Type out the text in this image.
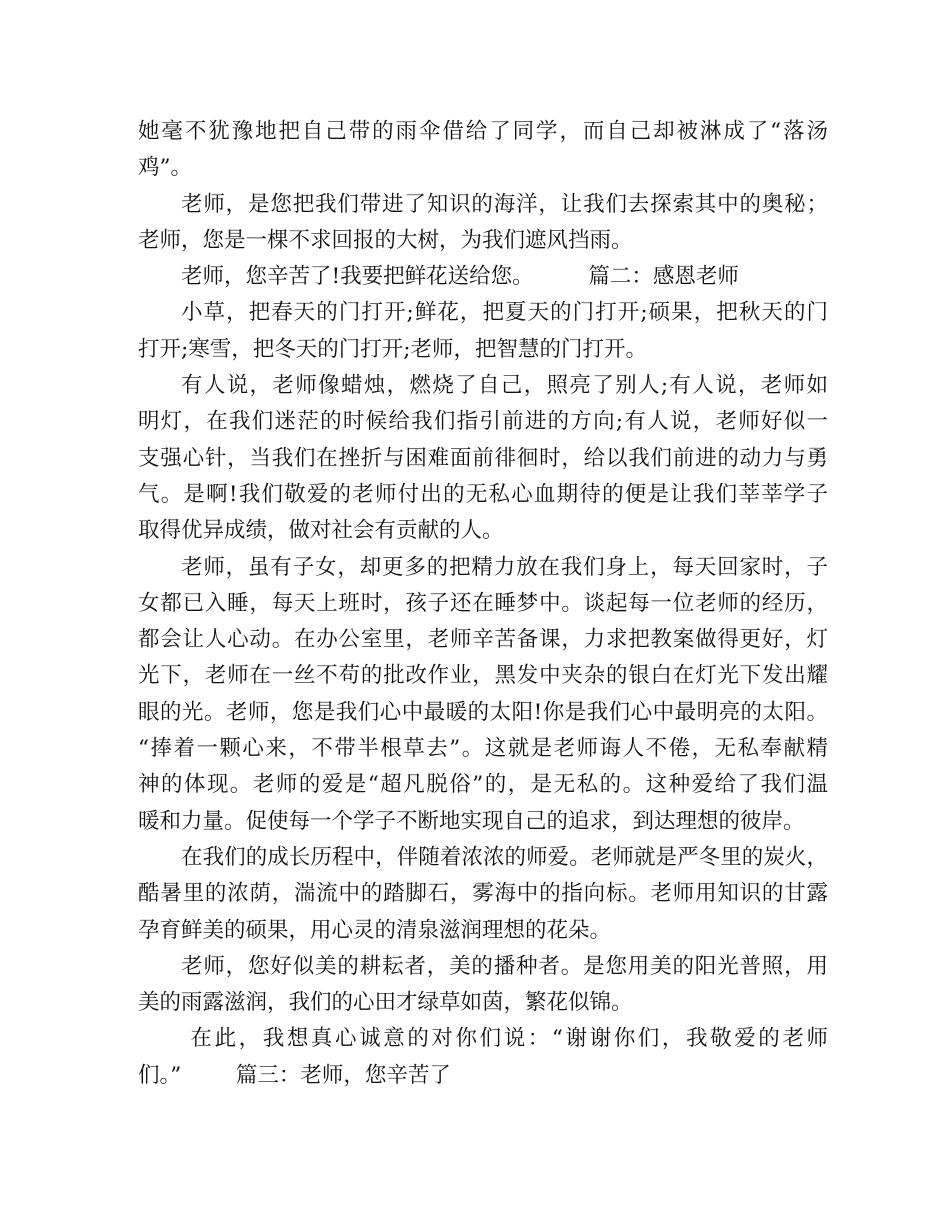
她毫不犹豫地把自己带的雨伞借给了同学，而自己却被淋成了“落汤
鸡”。
老师，是您把我们带进了知识的海洋，让我们去探索其中的奥秘；
老师，您是一棵不求回报的大树，为我们遮风挡雨。
老师，您辛苦了!我要把鲜花送给您。        篇二：感恩老师
小草，把春天的门打开;鲜花，把夏天的门打开;硕果，把秋天的门
打开;寒雪，把冬天的门打开;老师，把智慧的门打开。
有人说，老师像蜡烛，燃烧了自己，照亮了别人;有人说，老师如
明灯，在我们迷茫的时候给我们指引前进的方向;有人说，老师好似一
支强心针，当我们在挫折与困难面前徘徊时，给以我们前进的动力与勇
气。是啊!我们敬爱的老师付出的无私心血期待的便是让我们莘莘学子
取得优异成绩，做对社会有贡献的人。
老师，虽有子女，却更多的把精力放在我们身上，每天回家时，子
女都已入睡，每天上班时，孩子还在睡梦中。谈起每一位老师的经历，
都会让人心动。在办公室里，老师辛苦备课，力求把教案做得更好，灯
光下，老师在一丝不苟的批改作业，黑发中夹杂的银白在灯光下发出耀
眼的光。老师，您是我们心中最暖的太阳!你是我们心中最明亮的太阳。
“捧着一颗心来，不带半根草去”。这就是老师诲人不倦，无私奉献精
神的体现。老师的爱是“超凡脱俗”的，是无私的。这种爱给了我们温
暖和力量。促使每一个学子不断地实现自己的追求，到达理想的彼岸。
在我们的成长历程中，伴随着浓浓的师爱。老师就是严冬里的炭火，
酷暑里的浓荫，湍流中的踏脚石，雾海中的指向标。老师用知识的甘露
孕育鲜美的硕果，用心灵的清泉滋润理想的花朵。
老师，您好似美的耕耘者，美的播种者。是您用美的阳光普照，用
美的雨露滋润，我们的心田才绿草如茵，繁花似锦。
在此，我想真心诚意的对你们说：“谢谢你们，我敬爱的老师
们。”        篇三：老师，您辛苦了
